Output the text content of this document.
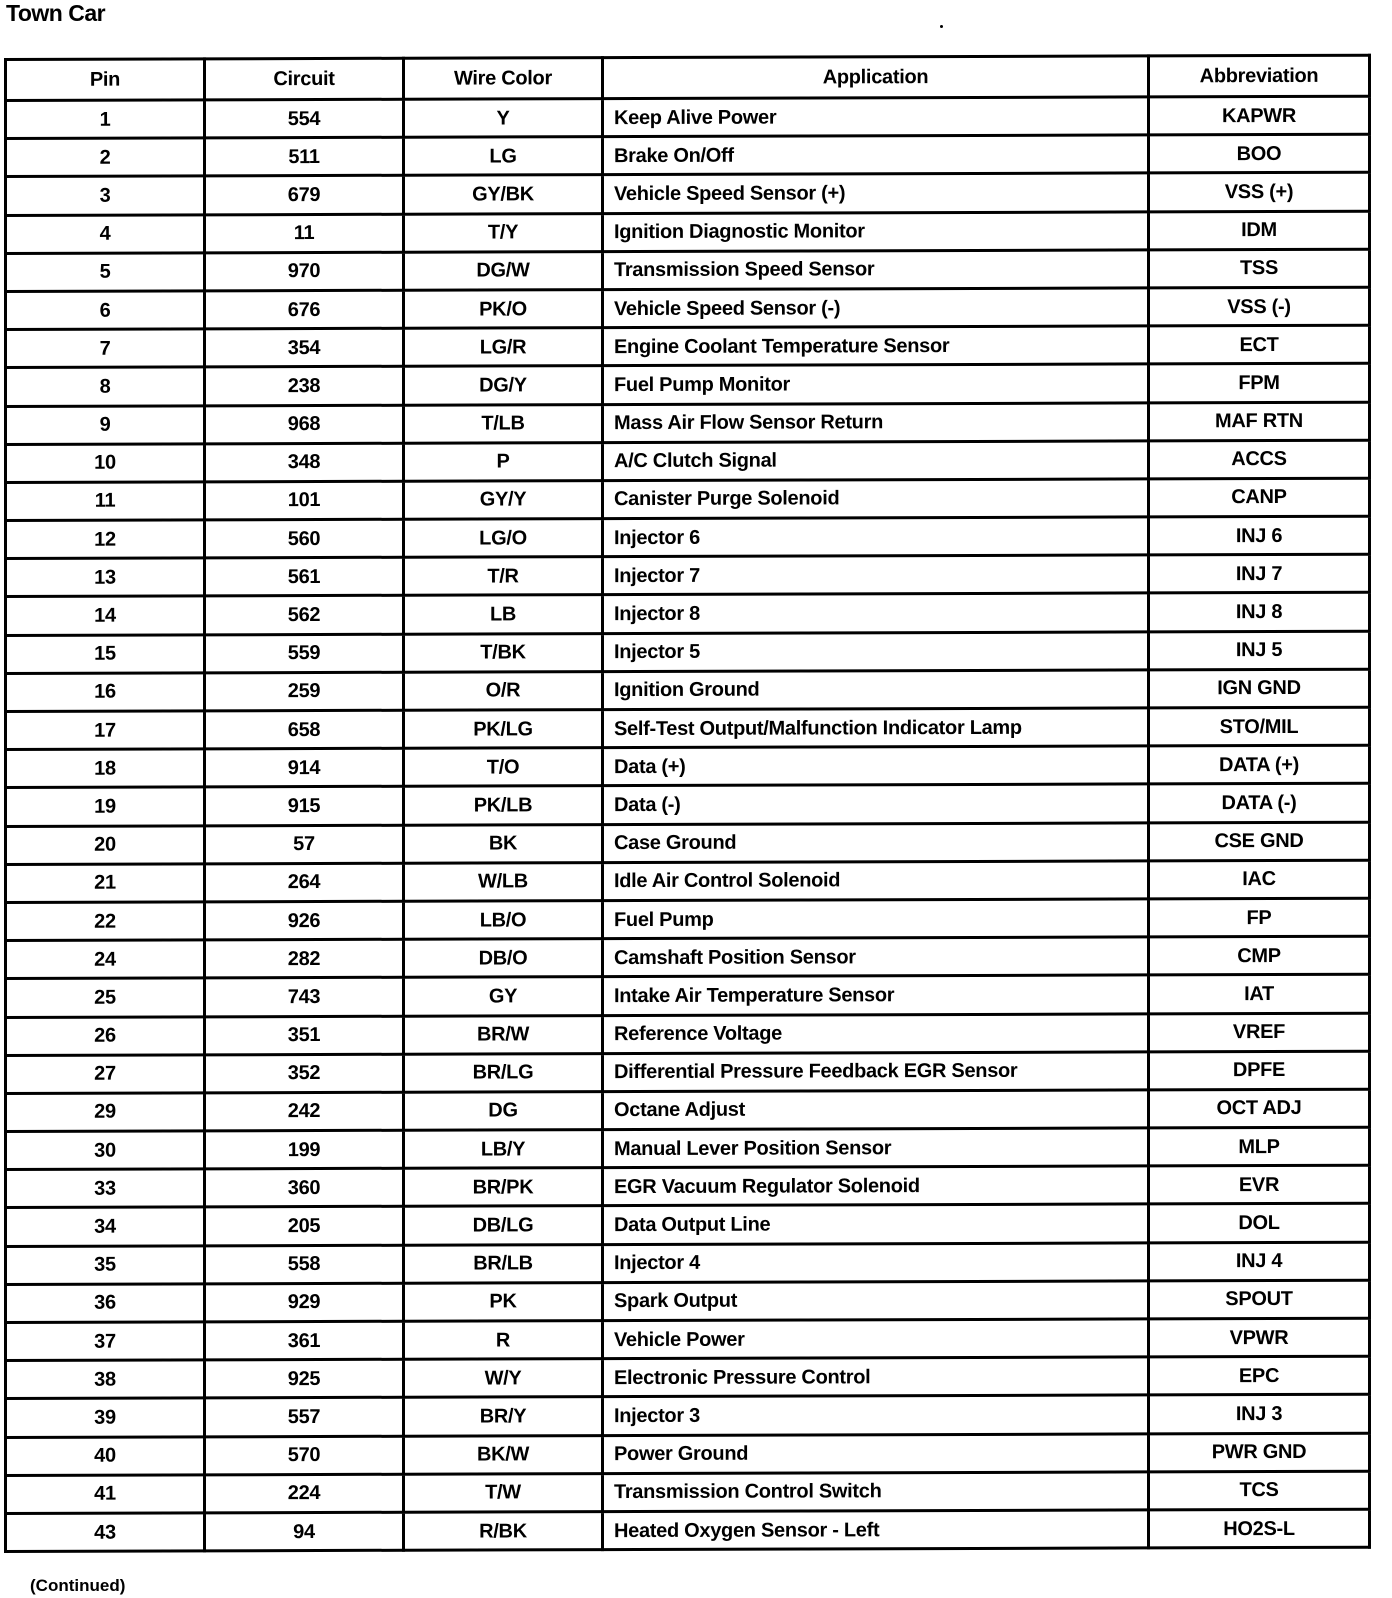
Town Car
Pin	Circuit	Wire Color	Application	Abbreviation
1	554	Y	Keep Alive Power	KAPWR
2	511	LG	Brake On/Off	BOO
3	679	GY/BK	Vehicle Speed Sensor (+)	VSS (+)
4	11	T/Y	Ignition Diagnostic Monitor	IDM
5	970	DG/W	Transmission Speed Sensor	TSS
6	676	PK/O	Vehicle Speed Sensor (-)	VSS (-)
7	354	LG/R	Engine Coolant Temperature Sensor	ECT
8	238	DG/Y	Fuel Pump Monitor	FPM
9	968	T/LB	Mass Air Flow Sensor Return	MAF RTN
10	348	P	A/C Clutch Signal	ACCS
11	101	GY/Y	Canister Purge Solenoid	CANP
12	560	LG/O	Injector 6	INJ 6
13	561	T/R	Injector 7	INJ 7
14	562	LB	Injector 8	INJ 8
15	559	T/BK	Injector 5	INJ 5
16	259	O/R	Ignition Ground	IGN GND
17	658	PK/LG	Self-Test Output/Malfunction Indicator Lamp	STO/MIL
18	914	T/O	Data (+)	DATA (+)
19	915	PK/LB	Data (-)	DATA (-)
20	57	BK	Case Ground	CSE GND
21	264	W/LB	Idle Air Control Solenoid	IAC
22	926	LB/O	Fuel Pump	FP
24	282	DB/O	Camshaft Position Sensor	CMP
25	743	GY	Intake Air Temperature Sensor	IAT
26	351	BR/W	Reference Voltage	VREF
27	352	BR/LG	Differential Pressure Feedback EGR Sensor	DPFE
29	242	DG	Octane Adjust	OCT ADJ
30	199	LB/Y	Manual Lever Position Sensor	MLP
33	360	BR/PK	EGR Vacuum Regulator Solenoid	EVR
34	205	DB/LG	Data Output Line	DOL
35	558	BR/LB	Injector 4	INJ 4
36	929	PK	Spark Output	SPOUT
37	361	R	Vehicle Power	VPWR
38	925	W/Y	Electronic Pressure Control	EPC
39	557	BR/Y	Injector 3	INJ 3
40	570	BK/W	Power Ground	PWR GND
41	224	T/W	Transmission Control Switch	TCS
43	94	R/BK	Heated Oxygen Sensor - Left	HO2S-L
(Continued)
